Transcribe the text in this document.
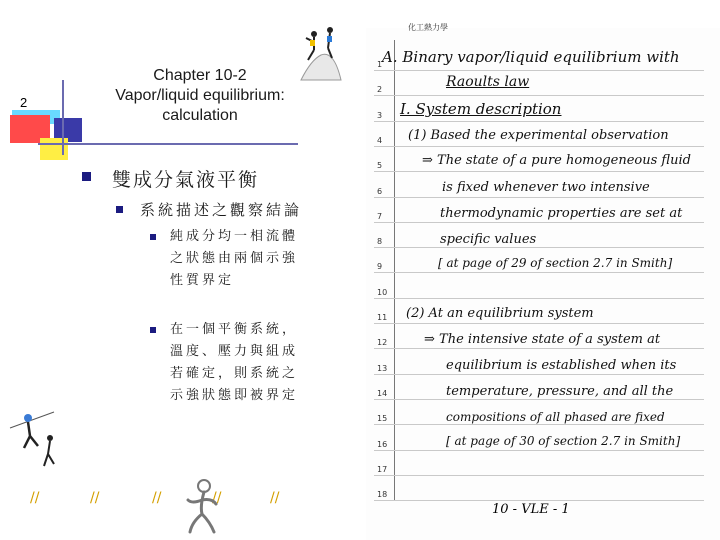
2
Chapter 10-2
Vapor/liquid equilibrium:
calculation
雙成分氣液平衡
系統描述之觀察結論
純成分均一相流體
之狀態由兩個示強
性質界定
在一個平衡系統，
溫度、壓力與組成
若確定，則系統之
示強狀態即被界定
//	//	//	//	//
化工熱力學
1
2
3
4
5
6
7
8
9
10
11
12
13
14
15
16
17
18
A. Binary vapor/liquid equilibrium with
Raoults law
I. System description
(1) Based the experimental observation
⇒ The state of a pure homogeneous fluid
is fixed whenever two intensive
thermodynamic properties are set at
specific values
[ at page of 29 of section 2.7 in Smith]
(2) At an equilibrium system
⇒ The intensive state of a system at
equilibrium is established when its
temperature, pressure, and all the
compositions of all phased are fixed
[ at page of 30 of section 2.7 in Smith]
10 - VLE - 1
